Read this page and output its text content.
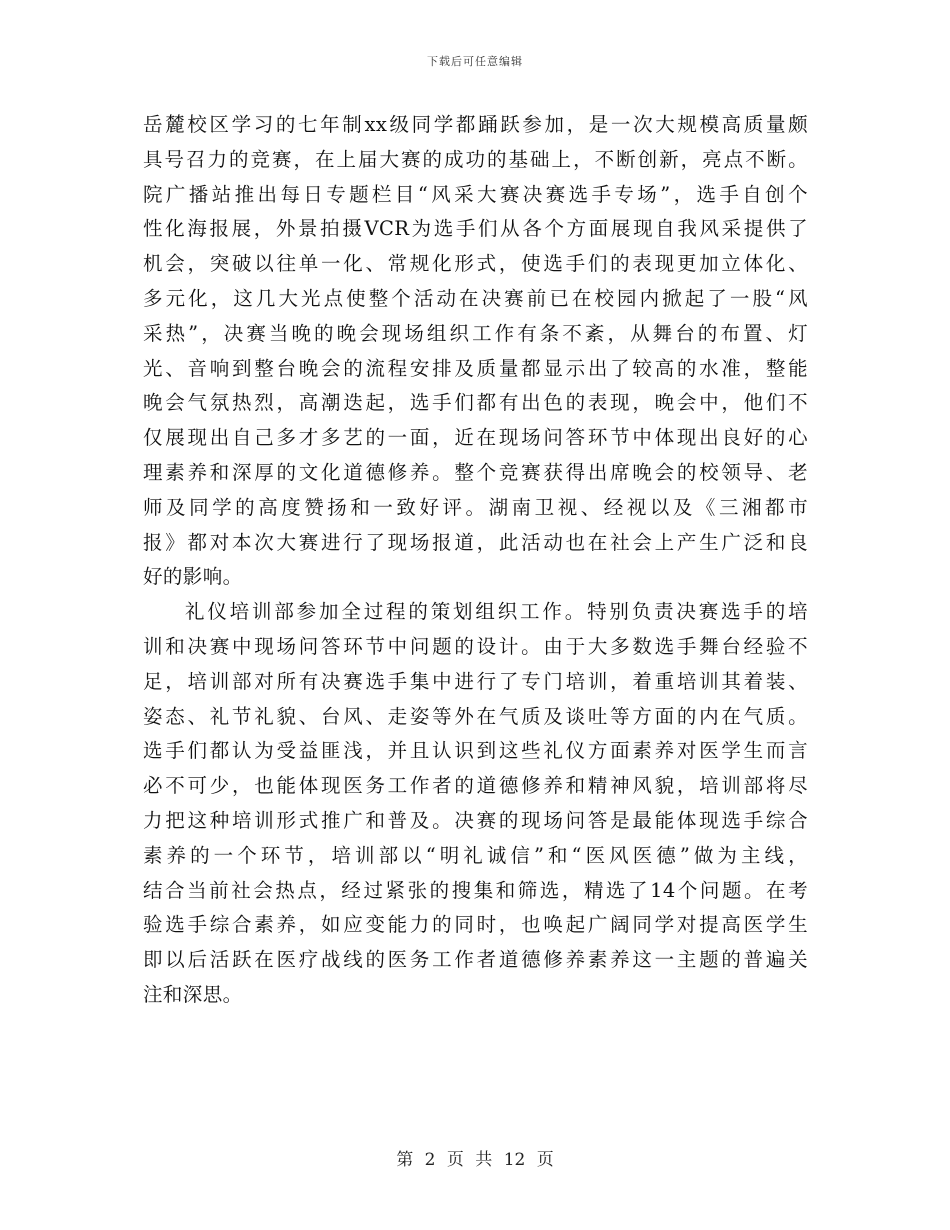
下载后可任意编辑
岳麓校区学习的七年制xx级同学都踊跃参加，是一次大规模高质量颇
具号召力的竞赛，在上届大赛的成功的基础上，不断创新，亮点不断。
院广播站推出每日专题栏目“风采大赛决赛选手专场”，选手自创个
性化海报展，外景拍摄VCR为选手们从各个方面展现自我风采提供了
机会，突破以往单一化、常规化形式，使选手们的表现更加立体化、
多元化，这几大光点使整个活动在决赛前已在校园内掀起了一股“风
采热”，决赛当晚的晚会现场组织工作有条不紊，从舞台的布置、灯
光、音响到整台晚会的流程安排及质量都显示出了较高的水准，整能
晚会气氛热烈，高潮迭起，选手们都有出色的表现，晚会中，他们不
仅展现出自己多才多艺的一面，近在现场问答环节中体现出良好的心
理素养和深厚的文化道德修养。整个竞赛获得出席晚会的校领导、老
师及同学的高度赞扬和一致好评。湖南卫视、经视以及《三湘都市
报》都对本次大赛进行了现场报道，此活动也在社会上产生广泛和良
好的影响。
礼仪培训部参加全过程的策划组织工作。特别负责决赛选手的培
训和决赛中现场问答环节中问题的设计。由于大多数选手舞台经验不
足，培训部对所有决赛选手集中进行了专门培训，着重培训其着装、
姿态、礼节礼貌、台风、走姿等外在气质及谈吐等方面的内在气质。
选手们都认为受益匪浅，并且认识到这些礼仪方面素养对医学生而言
必不可少，也能体现医务工作者的道德修养和精神风貌，培训部将尽
力把这种培训形式推广和普及。决赛的现场问答是最能体现选手综合
素养的一个环节，培训部以“明礼诚信”和“医风医德”做为主线，
结合当前社会热点，经过紧张的搜集和筛选，精选了14个问题。在考
验选手综合素养，如应变能力的同时，也唤起广阔同学对提高医学生
即以后活跃在医疗战线的医务工作者道德修养素养这一主题的普遍关
注和深思。
第 2 页 共 12 页
